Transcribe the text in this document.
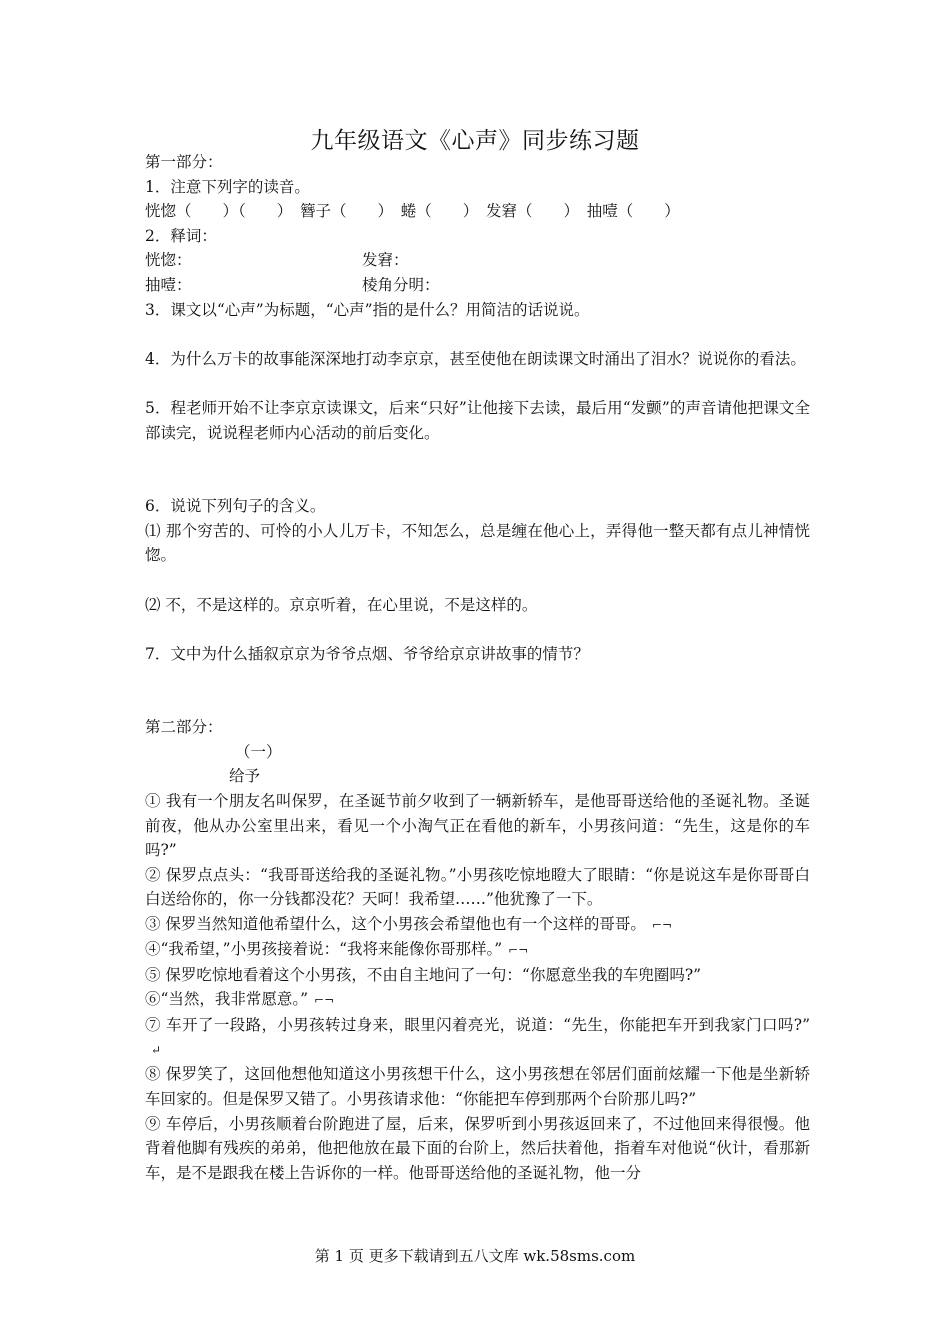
九年级语文《心声》同步练习题

第一部分：

1．注意下列字的读音。

恍惚（　　）（　　）　簪子（　　）　蜷（　　）　发窘（　　）　抽噎（　　）

2．释词：

恍惚：	发窘：
抽噎：	棱角分明：

3．课文以“心声”为标题，“心声”指的是什么？用简洁的话说说。

4．为什么万卡的故事能深深地打动李京京，甚至使他在朗读课文时涌出了泪水？说说你的看法。

5．程老师开始不让李京京读课文，后来“只好”让他接下去读，最后用“发颤”的声音请他把课文全部读完，说说程老师内心活动的前后变化。

6．说说下列句子的含义。

⑴ 那个穷苦的、可怜的小人儿万卡，不知怎么，总是缠在他心上，弄得他一整天都有点儿神情恍惚。

⑵ 不，不是这样的。京京听着，在心里说，不是这样的。

7．文中为什么插叙京京为爷爷点烟、爷爷给京京讲故事的情节？

第二部分：

（一）

给予

① 我有一个朋友名叫保罗，在圣诞节前夕收到了一辆新轿车，是他哥哥送给他的圣诞礼物。圣诞前夜，他从办公室里出来，看见一个小淘气正在看他的新车，小男孩问道：“先生，这是你的车吗?”

② 保罗点点头：“我哥哥送给我的圣诞礼物。”小男孩吃惊地瞪大了眼睛：“你是说这车是你哥哥白白送给你的，你一分钱都没花？天呵！我希望……”他犹豫了一下。

③ 保罗当然知道他希望什么，这个小男孩会希望他也有一个这样的哥哥。 ⌐¬

④“我希望，”小男孩接着说：“我将来能像你哥那样。” ⌐¬

⑤ 保罗吃惊地看着这个小男孩，不由自主地问了一句：“你愿意坐我的车兜圈吗?”

⑥“当然，我非常愿意。” ⌐¬

⑦ 车开了一段路，小男孩转过身来，眼里闪着亮光，说道：“先生，你能把车开到我家门口吗?”↵

⑧ 保罗笑了，这回他想他知道这小男孩想干什么，这小男孩想在邻居们面前炫耀一下他是坐新轿车回家的。但是保罗又错了。小男孩请求他：“你能把车停到那两个台阶那儿吗?”

⑨ 车停后，小男孩顺着台阶跑进了屋，后来，保罗听到小男孩返回来了，不过他回来得很慢。他背着他脚有残疾的弟弟，他把他放在最下面的台阶上，然后扶着他，指着车对他说“伙计，看那新车，是不是跟我在楼上告诉你的一样。他哥哥送给他的圣诞礼物，他一分

第 1 页 更多下载请到五八文库 wk.58sms.com
